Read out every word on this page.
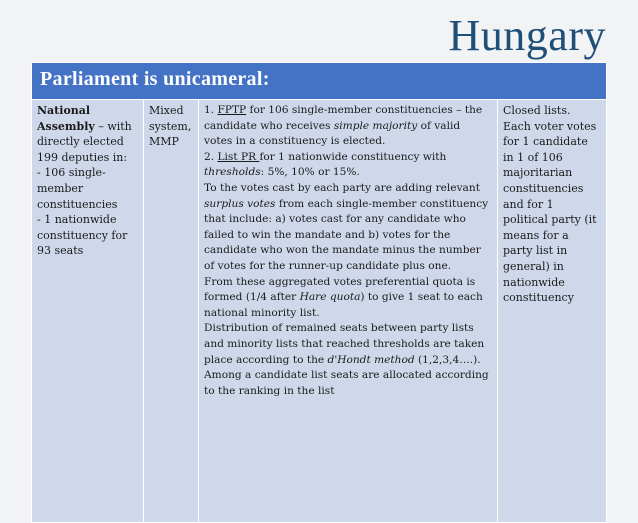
Hungary
Parliament is unicameral:
National Assembly – with directly elected 199 deputies in:
- 106 single-member constituencies
- 1 nationwide constituency for 93 seats	Mixed system, MMP	1. FPTP for 106 single-member constituencies – the candidate who receives simple majority of valid votes in a constituency is elected.
2. List PR for 1 nationwide constituency with thresholds: 5%, 10% or 15%.
To the votes cast by each party are adding relevant surplus votes from each single-member constituency that include: a) votes cast for any candidate who failed to win the mandate and b) votes for the candidate who won the mandate minus the number of votes for the runner-up candidate plus one.
From these aggregated votes preferential quota is formed (1/4 after Hare quota) to give 1 seat to each national minority list.
Distribution of remained seats between party lists and minority lists that reached thresholds are taken place according to the d'Hondt method (1,2,3,4….).
Among a candidate list seats are allocated according to the ranking in the list	Closed lists. Each voter votes for 1 candidate in 1 of 106 majoritarian constituencies and for 1 political party (it means for a party list in general) in nationwide constituency
